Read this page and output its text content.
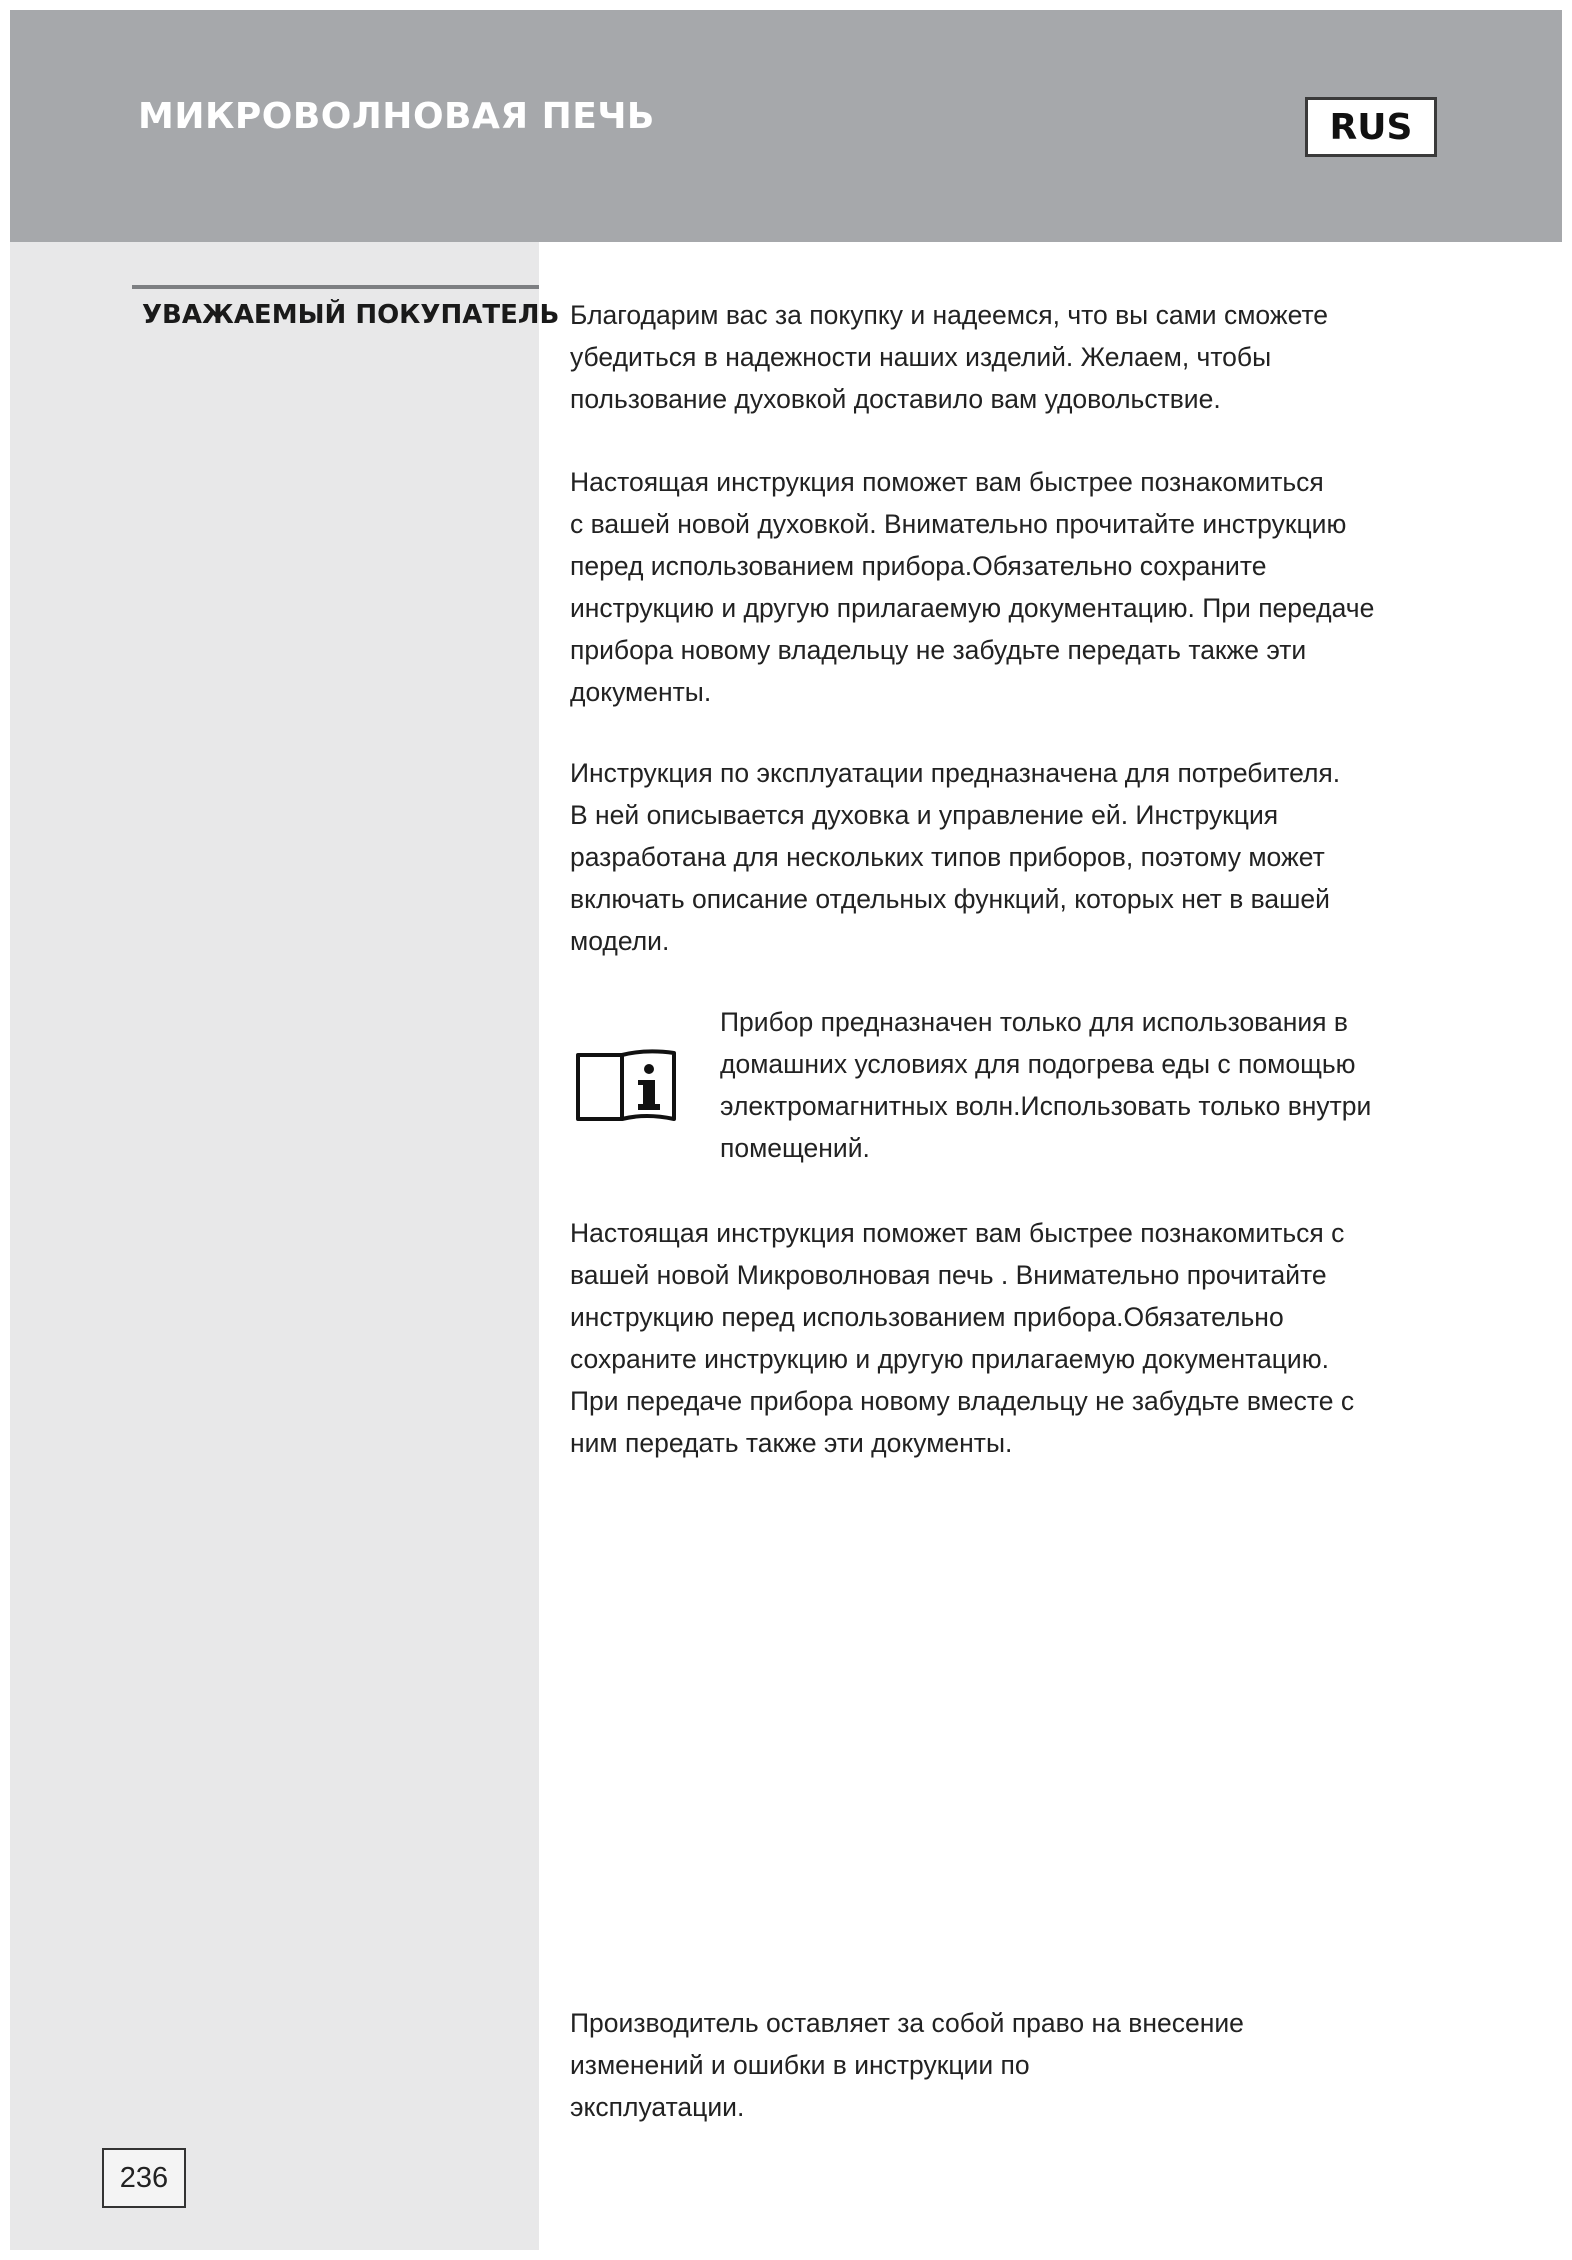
МИКРОВОЛНОВАЯ ПЕЧЬ	RUS
УВАЖАЕМЫЙ ПОКУПАТЕЛЬ
236

Благодарим вас за покупку и надеемся, что вы сами сможете
убедиться в надежности наших изделий. Желаем, чтобы
пользование духовкой доставило вам удовольствие.

Настоящая инструкция поможет вам быстрее познакомиться
с вашей новой духовкой. Внимательно прочитайте инструкцию
перед использованием прибора.Обязательно сохраните
инструкцию и другую прилагаемую документацию. При передаче
прибора новому владельцу не забудьте передать также эти
документы.

Инструкция по эксплуатации предназначена для потребителя.
В ней описывается духовка и управление ей. Инструкция
разработана для нескольких типов приборов, поэтому может
включать описание отдельных функций, которых нет в вашей
модели.

Прибор предназначен только для использования в
домашних условиях для подогрева еды с помощью
электромагнитных волн.Использовать только внутри
помещений.

Настоящая инструкция поможет вам быстрее познакомиться с
вашей новой Микроволновая печь . Внимательно прочитайте
инструкцию перед использованием прибора.Обязательно
сохраните инструкцию и другую прилагаемую документацию.
При передаче прибора новому владельцу не забудьте вместе с
ним передать также эти документы.

Производитель оставляет за собой право на внесение
изменений и ошибки в инструкции по
эксплуатации.
